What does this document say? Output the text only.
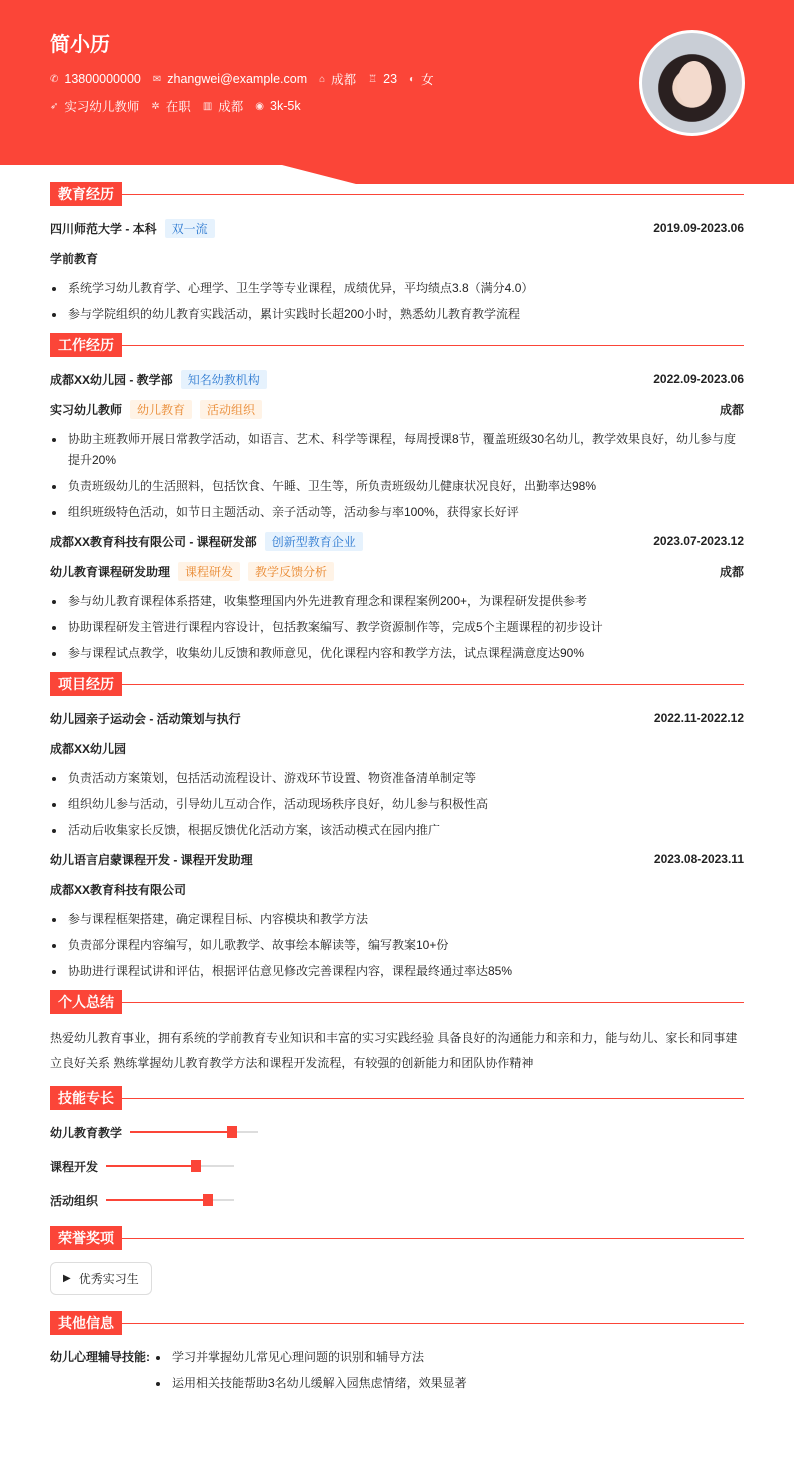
简小历
✆ 13800000000 ✉ zhangwei@example.com ⌂ 成都 ♖ 23 ◐ 女
➶ 实习幼儿教师 ✲ 在职 ▥ 成都 ◉ 3k-5k
教育经历
四川师范大学 - 本科	双一流	2019.09-2023.06
学前教育
系统学习幼儿教育学、心理学、卫生学等专业课程，成绩优异，平均绩点3.8（满分4.0）
参与学院组织的幼儿教育实践活动，累计实践时长超200小时，熟悉幼儿教育教学流程
工作经历
成都XX幼儿园 - 教学部	知名幼教机构	2022.09-2023.06
实习幼儿教师	幼儿教育	活动组织	成都
协助主班教师开展日常教学活动，如语言、艺术、科学等课程，每周授课8节，覆盖班级30名幼儿，教学效果良好，幼儿参与度提升20%
负责班级幼儿的生活照料，包括饮食、午睡、卫生等，所负责班级幼儿健康状况良好，出勤率达98%
组织班级特色活动，如节日主题活动、亲子活动等，活动参与率100%，获得家长好评
成都XX教育科技有限公司 - 课程研发部	创新型教育企业	2023.07-2023.12
幼儿教育课程研发助理	课程研发	教学反馈分析	成都
参与幼儿教育课程体系搭建，收集整理国内外先进教育理念和课程案例200+，为课程研发提供参考
协助课程研发主管进行课程内容设计，包括教案编写、教学资源制作等，完成5个主题课程的初步设计
参与课程试点教学，收集幼儿反馈和教师意见，优化课程内容和教学方法，试点课程满意度达90%
项目经历
幼儿园亲子运动会 - 活动策划与执行	2022.11-2022.12
成都XX幼儿园
负责活动方案策划，包括活动流程设计、游戏环节设置、物资准备清单制定等
组织幼儿参与活动，引导幼儿互动合作，活动现场秩序良好，幼儿参与积极性高
活动后收集家长反馈，根据反馈优化活动方案，该活动模式在园内推广
幼儿语言启蒙课程开发 - 课程开发助理	2023.08-2023.11
成都XX教育科技有限公司
参与课程框架搭建，确定课程目标、内容模块和教学方法
负责部分课程内容编写，如儿歌教学、故事绘本解读等，编写教案10+份
协助进行课程试讲和评估，根据评估意见修改完善课程内容，课程最终通过率达85%
个人总结
热爱幼儿教育事业，拥有系统的学前教育专业知识和丰富的实习实践经验 具备良好的沟通能力和亲和力，能与幼儿、家长和同事建立良好关系 熟练掌握幼儿教育教学方法和课程开发流程，有较强的创新能力和团队协作精神
技能专长
幼儿教育教学
课程开发
活动组织
荣誉奖项
▶ 优秀实习生
其他信息
幼儿心理辅导技能:	学习并掌握幼儿常见心理问题的识别和辅导方法
运用相关技能帮助3名幼儿缓解入园焦虑情绪，效果显著
